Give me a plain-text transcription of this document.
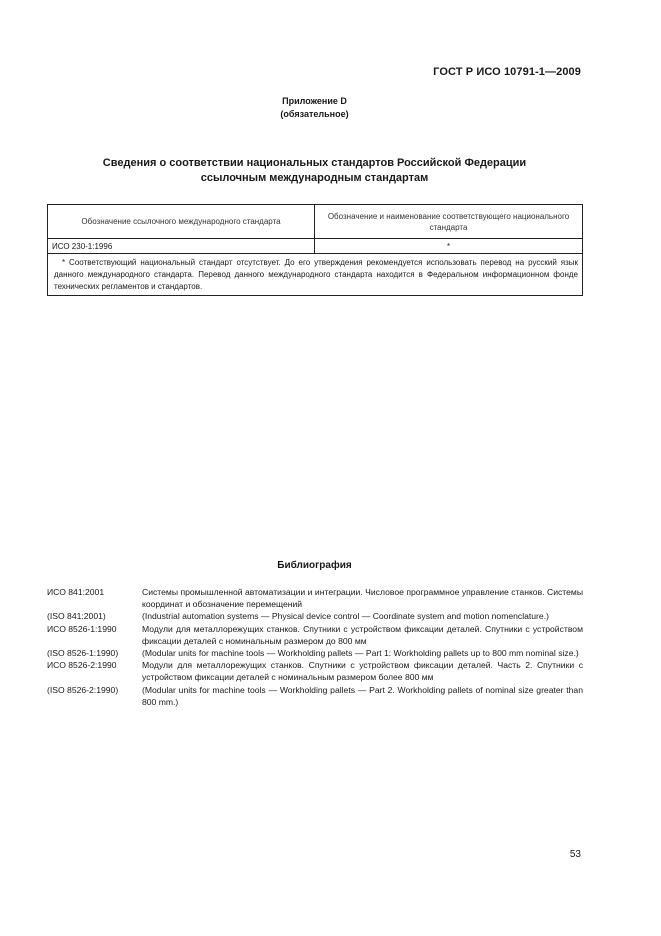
ГОСТ Р ИСО 10791-1—2009
Приложение D
(обязательное)
Сведения о соответствии национальных стандартов Российской Федерации
ссылочным международным стандартам
Обозначение ссылочного международного стандарта	Обозначение и наименование соответствующего национального стандарта
ИСО 230-1:1996	*
* Соответствующий национальный стандарт отсутствует. До его утверждения рекомендуется использовать перевод на русский язык данного международного стандарта. Перевод данного международного стандарта находится в Федеральном информационном фонде технических регламентов и стандартов.	
Библиография
ИСО 841:2001	Системы промышленной автоматизации и интеграции. Числовое программное управление станков. Системы координат и обозначение перемещений
(ISO 841:2001)	(Industrial automation systems — Physical device control — Coordinate system and motion nomenclature.)
ИСО 8526-1:1990	Модули для металлорежущих станков. Спутники с устройством фиксации деталей. Спутники с устройством фиксации деталей с номинальным размером до 800 мм
(ISO 8526-1:1990)	(Modular units for machine tools — Workholding pallets — Part 1: Workholding pallets up to 800 mm nominal size.)
ИСО 8526-2:1990	Модули для металлорежущих станков. Спутники с устройством фиксации деталей. Часть 2. Спутники с устройством фиксации деталей с номинальным размером более 800 мм
(ISO 8526-2:1990)	(Modular units for machine tools — Workholding pallets — Part 2. Workholding pallets of nominal size greater than 800 mm.)
53
